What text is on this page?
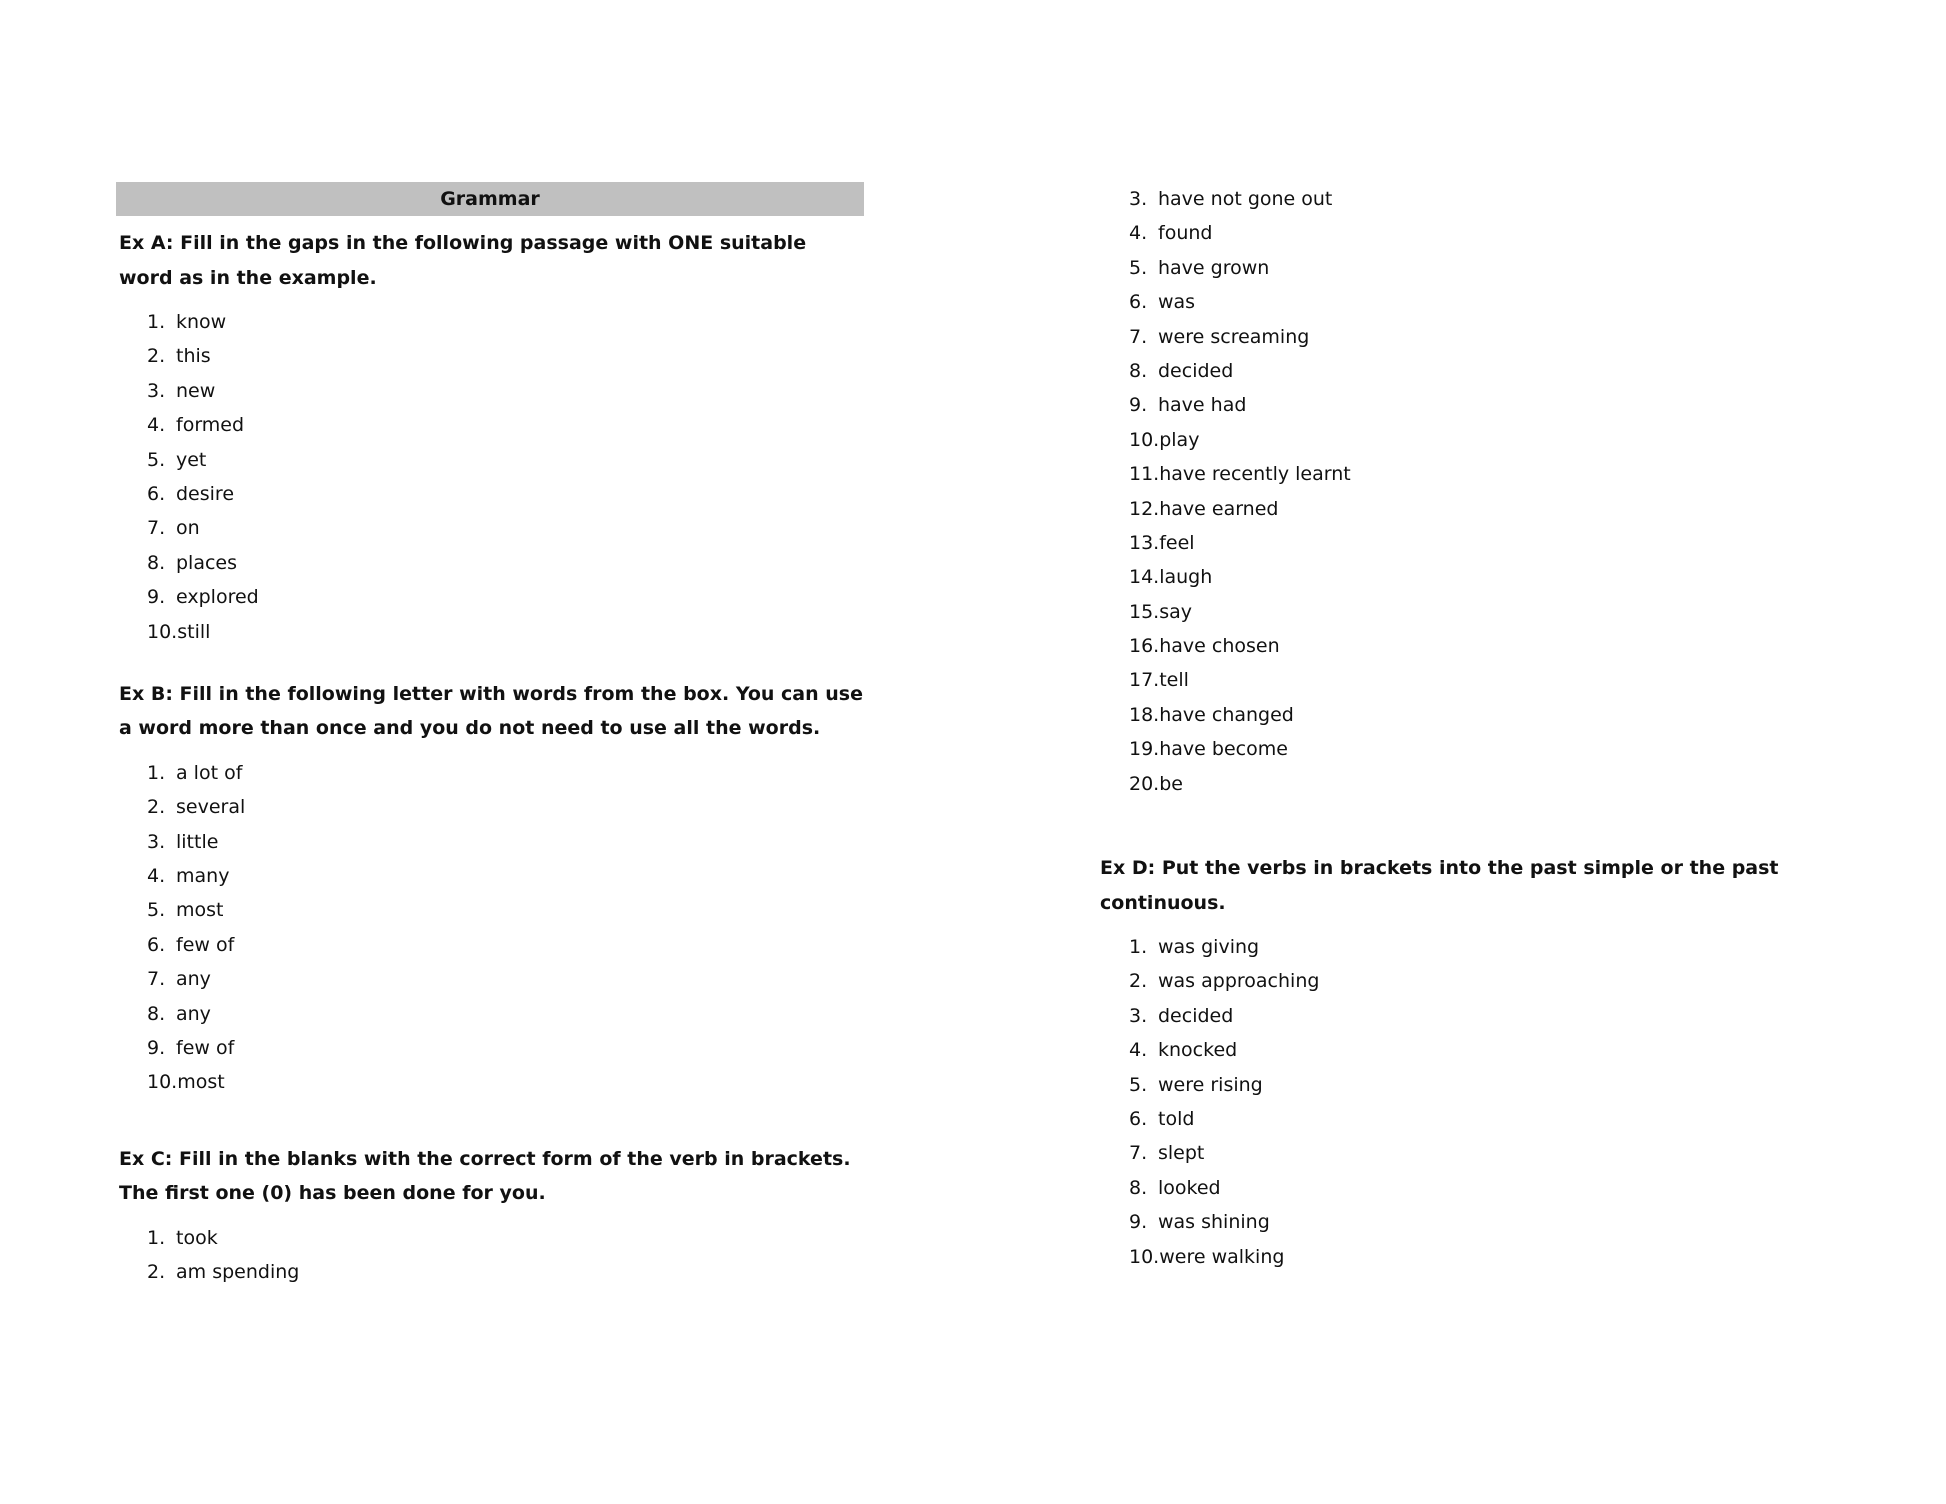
Grammar
Ex A: Fill in the gaps in the following passage with ONE suitable word as in the example.
1. know
2. this
3. new
4. formed
5. yet
6. desire
7. on
8. places
9. explored
10. still
Ex B: Fill in the following letter with words from the box. You can use a word more than once and you do not need to use all the words.
1. a lot of
2. several
3. little
4. many
5. most
6. few of
7. any
8. any
9. few of
10. most
Ex C: Fill in the blanks with the correct form of the verb in brackets. The first one (0) has been done for you.
1. took
2. am spending
3. have not gone out
4. found
5. have grown
6. was
7. were screaming
8. decided
9. have had
10. play
11. have recently learnt
12. have earned
13. feel
14. laugh
15. say
16. have chosen
17. tell
18. have changed
19. have become
20. be
Ex D: Put the verbs in brackets into the past simple or the past continuous.
1. was giving
2. was approaching
3. decided
4. knocked
5. were rising
6. told
7. slept
8. looked
9. was shining
10. were walking
